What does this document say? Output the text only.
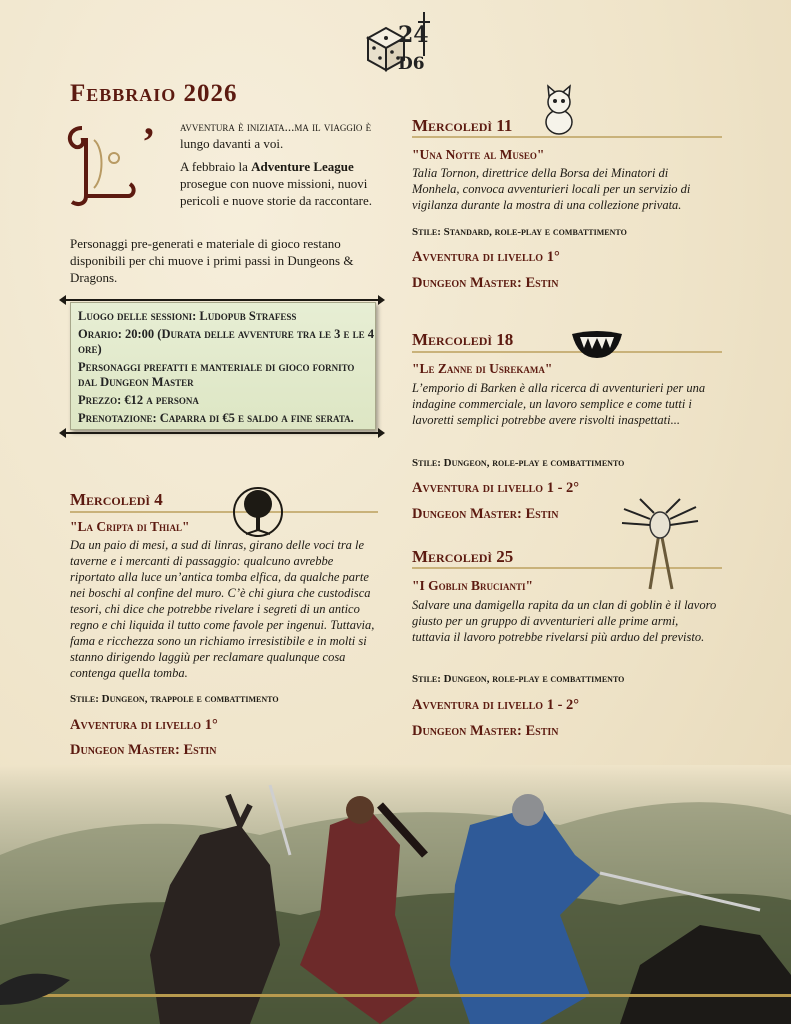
24
D6
Febbraio 2026
’ avventura è iniziata...ma il viaggio è lungo davanti a voi.
A febbraio la Adventure League prosegue con nuove missioni, nuovi pericoli e nuove storie da raccontare.
Personaggi pre-generati e materiale di gioco restano disponibili per chi muove i primi passi in Dungeons & Dragons.
Luogo delle sessioni: Ludopub Strafess
Orario: 20:00 (Durata delle avventure tra le 3 e le 4 ore)
Personaggi prefatti e manteriale di gioco fornito dal Dungeon Master
Prezzo: €12 a persona
Prenotazione: Caparra di €5 e saldo a fine serata.
Mercoledì 4
"La Cripta di Thial"
Da un paio di mesi, a sud di linras, girano delle voci tra le taverne e i mercanti di passaggio: qualcuno avrebbe riportato alla luce un’antica tomba elfica, da qualche parte nei boschi al confine del muro. C’è chi giura che custodisca tesori, chi dice che potrebbe rivelare i segreti di un antico regno e chi liquida il tutto come favole per ingenui. Tuttavia, fama e ricchezza sono un richiamo irresistibile e in molti si stanno dirigendo laggiù per reclamare qualunque cosa contenga quella tomba.
Stile: Dungeon, trappole e combattimento
Avventura di livello 1°
Dungeon Master: Estin
Mercoledì 11
"Una Notte al Museo"
Talia Tornon, direttrice della Borsa dei Minatori di Monhela, convoca avventurieri locali per un servizio di vigilanza durante la mostra di una collezione privata.
Stile: Standard, role-play e combattimento
Avventura di livello 1°
Dungeon Master: Estin
Mercoledì 18
"Le Zanne di Usrekama"
L’emporio di Barken è alla ricerca di avventurieri per una indagine commerciale, un lavoro semplice e come tutti i lavoretti semplici potrebbe avere risvolti inaspettati...
Stile: Dungeon, role-play e combattimento
Avventura di livello 1 - 2°
Dungeon Master: Estin
Mercoledì 25
"I Goblin Brucianti"
Salvare una damigella rapita da un clan di goblin è il lavoro giusto per un gruppo di avventurieri alle prime armi, tuttavia il lavoro potrebbe rivelarsi più arduo del previsto.
Stile: Dungeon, role-play e combattimento
Avventura di livello 1 - 2°
Dungeon Master: Estin
